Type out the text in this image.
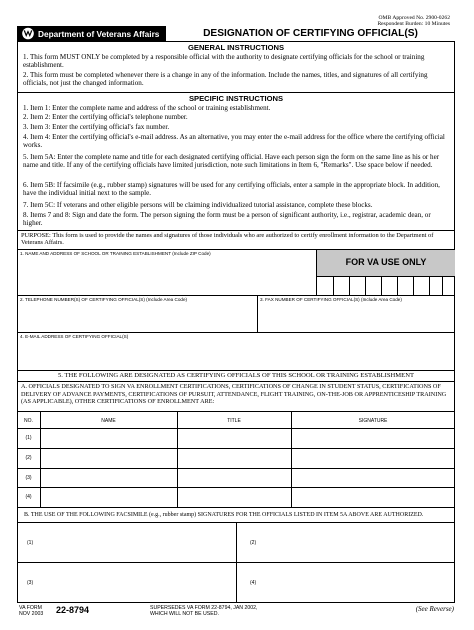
OMB Approved No. 2900-0262
Respondent Burden: 10 Minutes
Department of Veterans Affairs	DESIGNATION OF CERTIFYING OFFICIAL(S)
GENERAL INSTRUCTIONS
1. This form MUST ONLY be completed by a responsible official with the authority to designate certifying officials for the school or training establishment.
2. This form must be completed whenever there is a change in any of the information. Include the names, titles, and signatures of all certifying officials, not just the changed information.
SPECIFIC INSTRUCTIONS
1. Item 1: Enter the complete name and address of the school or training establishment.
2. Item 2: Enter the certifying official's telephone number.
3. Item 3: Enter the certifying official's fax number.
4. Item 4: Enter the certifying official's e-mail address. As an alternative, you may enter the e-mail address for the office where the certifying official works.
5. Item 5A: Enter the complete name and title for each designated certifying official. Have each person sign the form on the same line as his or her name and title. If any of the certifying officials have limited jurisdiction, note such limitations in Item 6, "Remarks". Use space below if needed.
6. Item 5B: If facsimile (e.g., rubber stamp) signatures will be used for any certifying officials, enter a sample in the appropriate block. In addition, have the individual initial next to the sample.
7. Item 5C: If veterans and other eligible persons will be claiming individualized tutorial assistance, complete these blocks.
8. Items 7 and 8: Sign and date the form. The person signing the form must be a person of significant authority, i.e., registrar, academic dean, or higher.
PURPOSE: This form is used to provide the names and signatures of those individuals who are authorized to certify enrollment information to the Department of Veterans Affairs.
1. NAME AND ADDRESS OF SCHOOL OR TRAINING ESTABLISHMENT (Include ZIP Code)
FOR VA USE ONLY
2. TELEPHONE NUMBER(S) OF CERTIFYING OFFICIAL(S) (Include Area Code)	3. FAX NUMBER OF CERTIFYING OFFICIAL(S) (Include Area Code)
4. E-MAIL ADDRESS OF CERTIFYING OFFICIAL(S)
5. THE FOLLOWING ARE DESIGNATED AS CERTIFYING OFFICIALS OF THIS SCHOOL OR TRAINING ESTABLISHMENT
A. OFFICIALS DESIGNATED TO SIGN VA ENROLLMENT CERTIFICATIONS, CERTIFICATIONS OF CHANGE IN STUDENT STATUS, CERTIFICATIONS OF DELIVERY OF ADVANCE PAYMENTS, CERTIFICATIONS OF PURSUIT, ATTENDANCE, FLIGHT TRAINING, ON-THE-JOB OR APPRENTICESHIP TRAINING (AS APPLICABLE), OTHER CERTIFICATIONS OF ENROLLMENT ARE:
NO.	NAME	TITLE	SIGNATURE
(1)
(2)
(3)
(4)
B. THE USE OF THE FOLLOWING FACSIMILE (e.g., rubber stamp) SIGNATURES FOR THE OFFICIALS LISTED IN ITEM 5A ABOVE ARE AUTHORIZED.
(1)	(2)
(3)	(4)
VA FORM
NOV 2003 22-8794	SUPERSEDES VA FORM 22-8794, JAN 2002,
WHICH WILL NOT BE USED.
(See Reverse)
